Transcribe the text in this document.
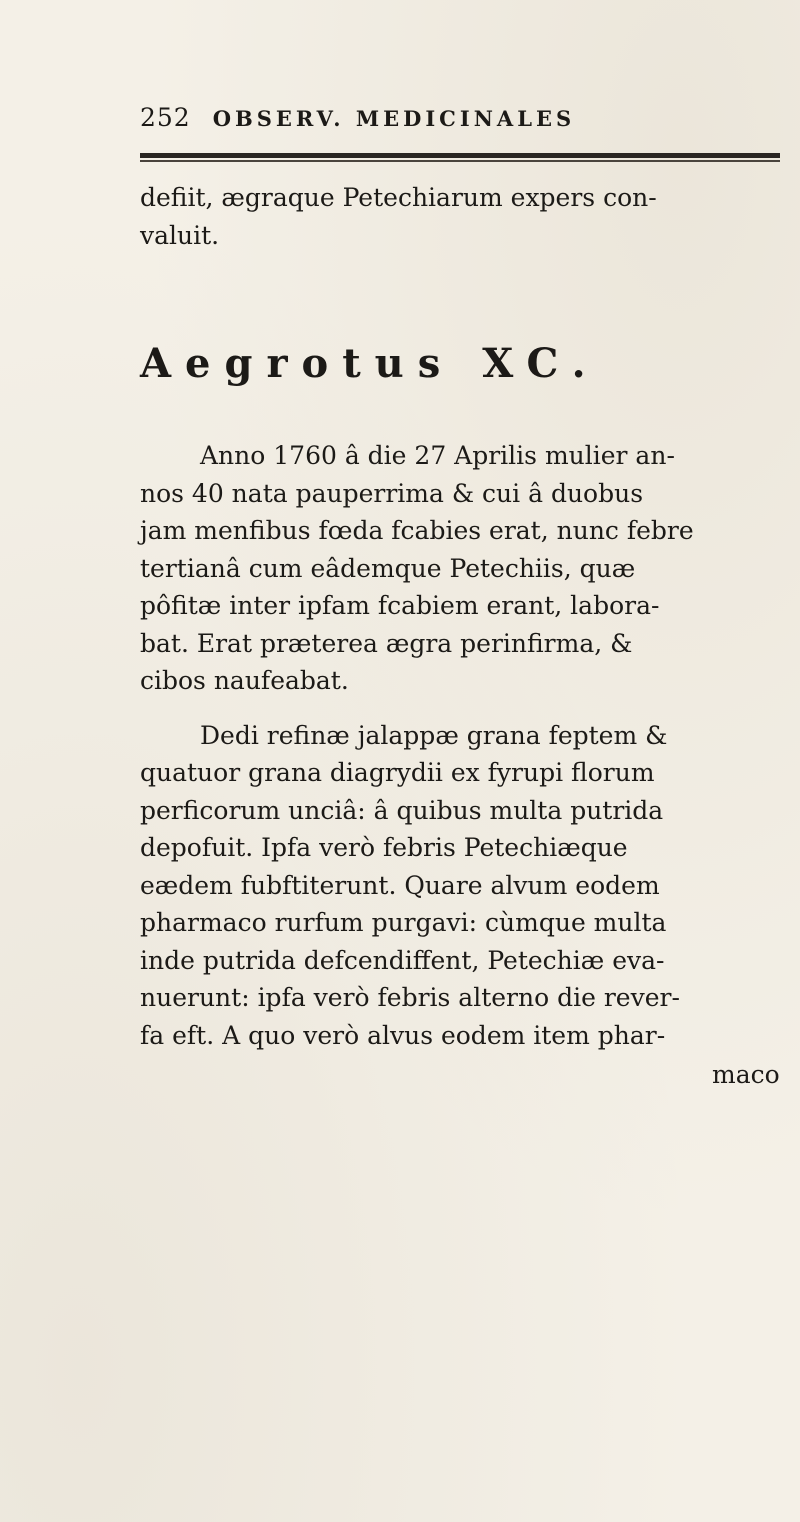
252 OBSERV. MEDICINALES
defiit, ægraque Petechiarum expers con-
valuit.
Aegrotus XC.
Anno 1760 â die 27 Aprilis mulier an-
nos 40 nata pauperrima & cui â duobus
jam menfibus fœda fcabies erat, nunc febre
tertianâ cum eâdemque Petechiis, quæ
pôfitæ inter ipfam fcabiem erant, labora-
bat. Erat præterea ægra perinfirma, &
cibos naufeabat.
Dedi refinæ jalappæ grana feptem &
quatuor grana diagrydii ex fyrupi florum
perficorum unciâ: â quibus multa putrida
depofuit. Ipfa verò febris Petechiæque
eædem fubftiterunt. Quare alvum eodem
pharmaco rurfum purgavi: cùmque multa
inde putrida defcendiffent, Petechiæ eva-
nuerunt: ipfa verò febris alterno die rever-
fa eft. A quo verò alvus eodem item phar-
maco
